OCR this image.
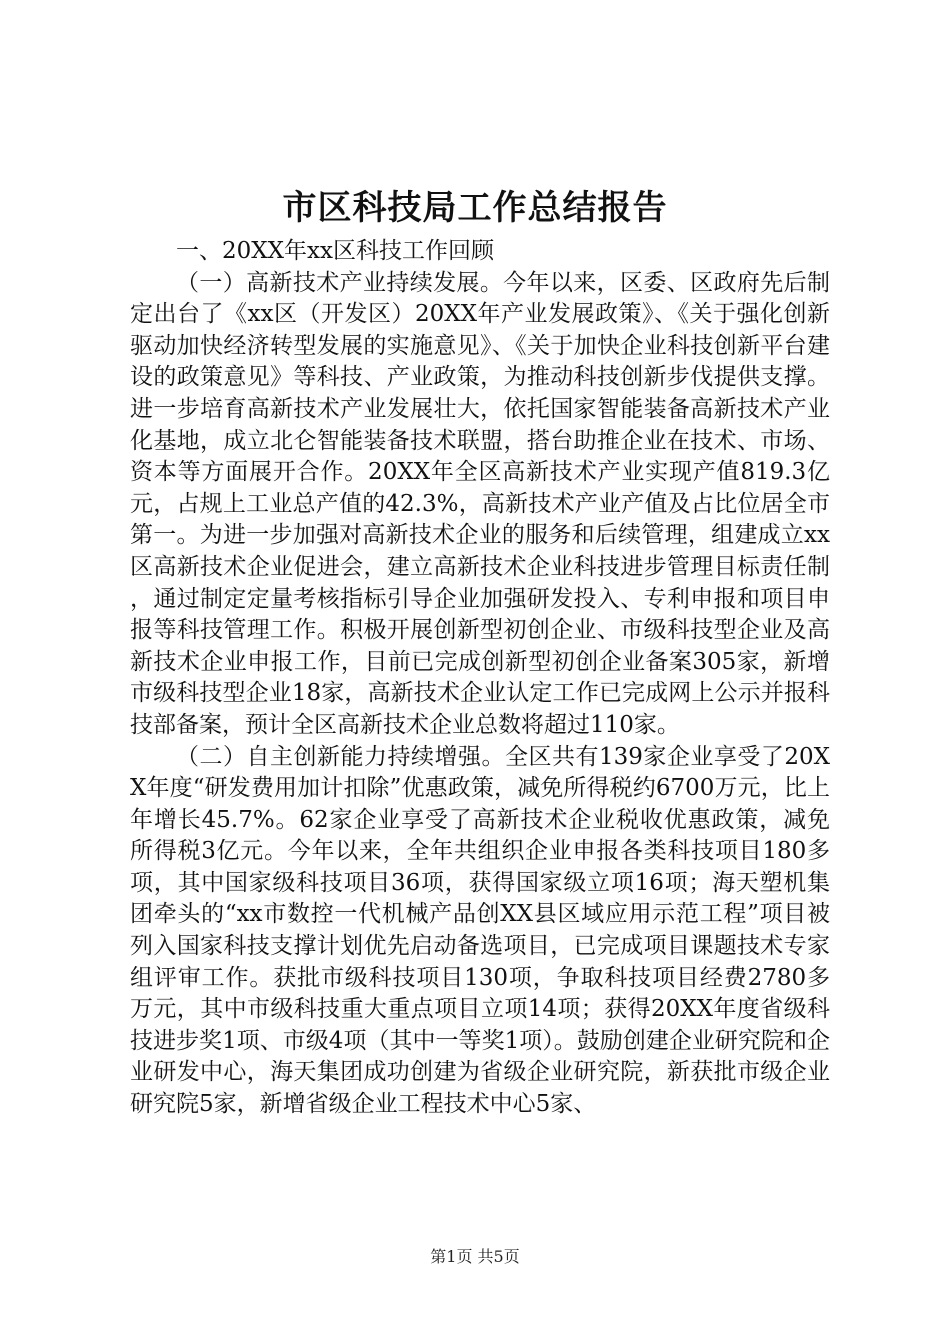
市区科技局工作总结报告

一、20XX年xx区科技工作回顾

（一）高新技术产业持续发展。今年以来，区委、区政府先后制定出台了《xx区（开发区）20XX年产业发展政策》、《关于强化创新驱动加快经济转型发展的实施意见》、《关于加快企业科技创新平台建设的政策意见》等科技、产业政策，为推动科技创新步伐提供支撑。进一步培育高新技术产业发展壮大，依托国家智能装备高新技术产业化基地，成立北仑智能装备技术联盟，搭台助推企业在技术、市场、资本等方面展开合作。20XX年全区高新技术产业实现产值819.3亿元，占规上工业总产值的42.3%，高新技术产业产值及占比位居全市第一。为进一步加强对高新技术企业的服务和后续管理，组建成立xx区高新技术企业促进会，建立高新技术企业科技进步管理目标责任制，通过制定定量考核指标引导企业加强研发投入、专利申报和项目申报等科技管理工作。积极开展创新型初创企业、市级科技型企业及高新技术企业申报工作，目前已完成创新型初创企业备案305家，新增市级科技型企业18家，高新技术企业认定工作已完成网上公示并报科技部备案，预计全区高新技术企业总数将超过110家。

（二）自主创新能力持续增强。全区共有139家企业享受了20XX年度“研发费用加计扣除”优惠政策，减免所得税约6700万元，比上年增长45.7%。62家企业享受了高新技术企业税收优惠政策，减免所得税3亿元。今年以来，全年共组织企业申报各类科技项目180多项，其中国家级科技项目36项，获得国家级立项16项；海天塑机集团牵头的“xx市数控一代机械产品创XX县区域应用示范工程”项目被列入国家科技支撑计划优先启动备选项目，已完成项目课题技术专家组评审工作。获批市级科技项目130项，争取科技项目经费2780多万元，其中市级科技重大重点项目立项14项；获得20XX年度省级科技进步奖1项、市级4项（其中一等奖1项）。鼓励创建企业研究院和企业研发中心，海天集团成功创建为省级企业研究院，新获批市级企业研究院5家，新增省级企业工程技术中心5家、

第1页 共5页
